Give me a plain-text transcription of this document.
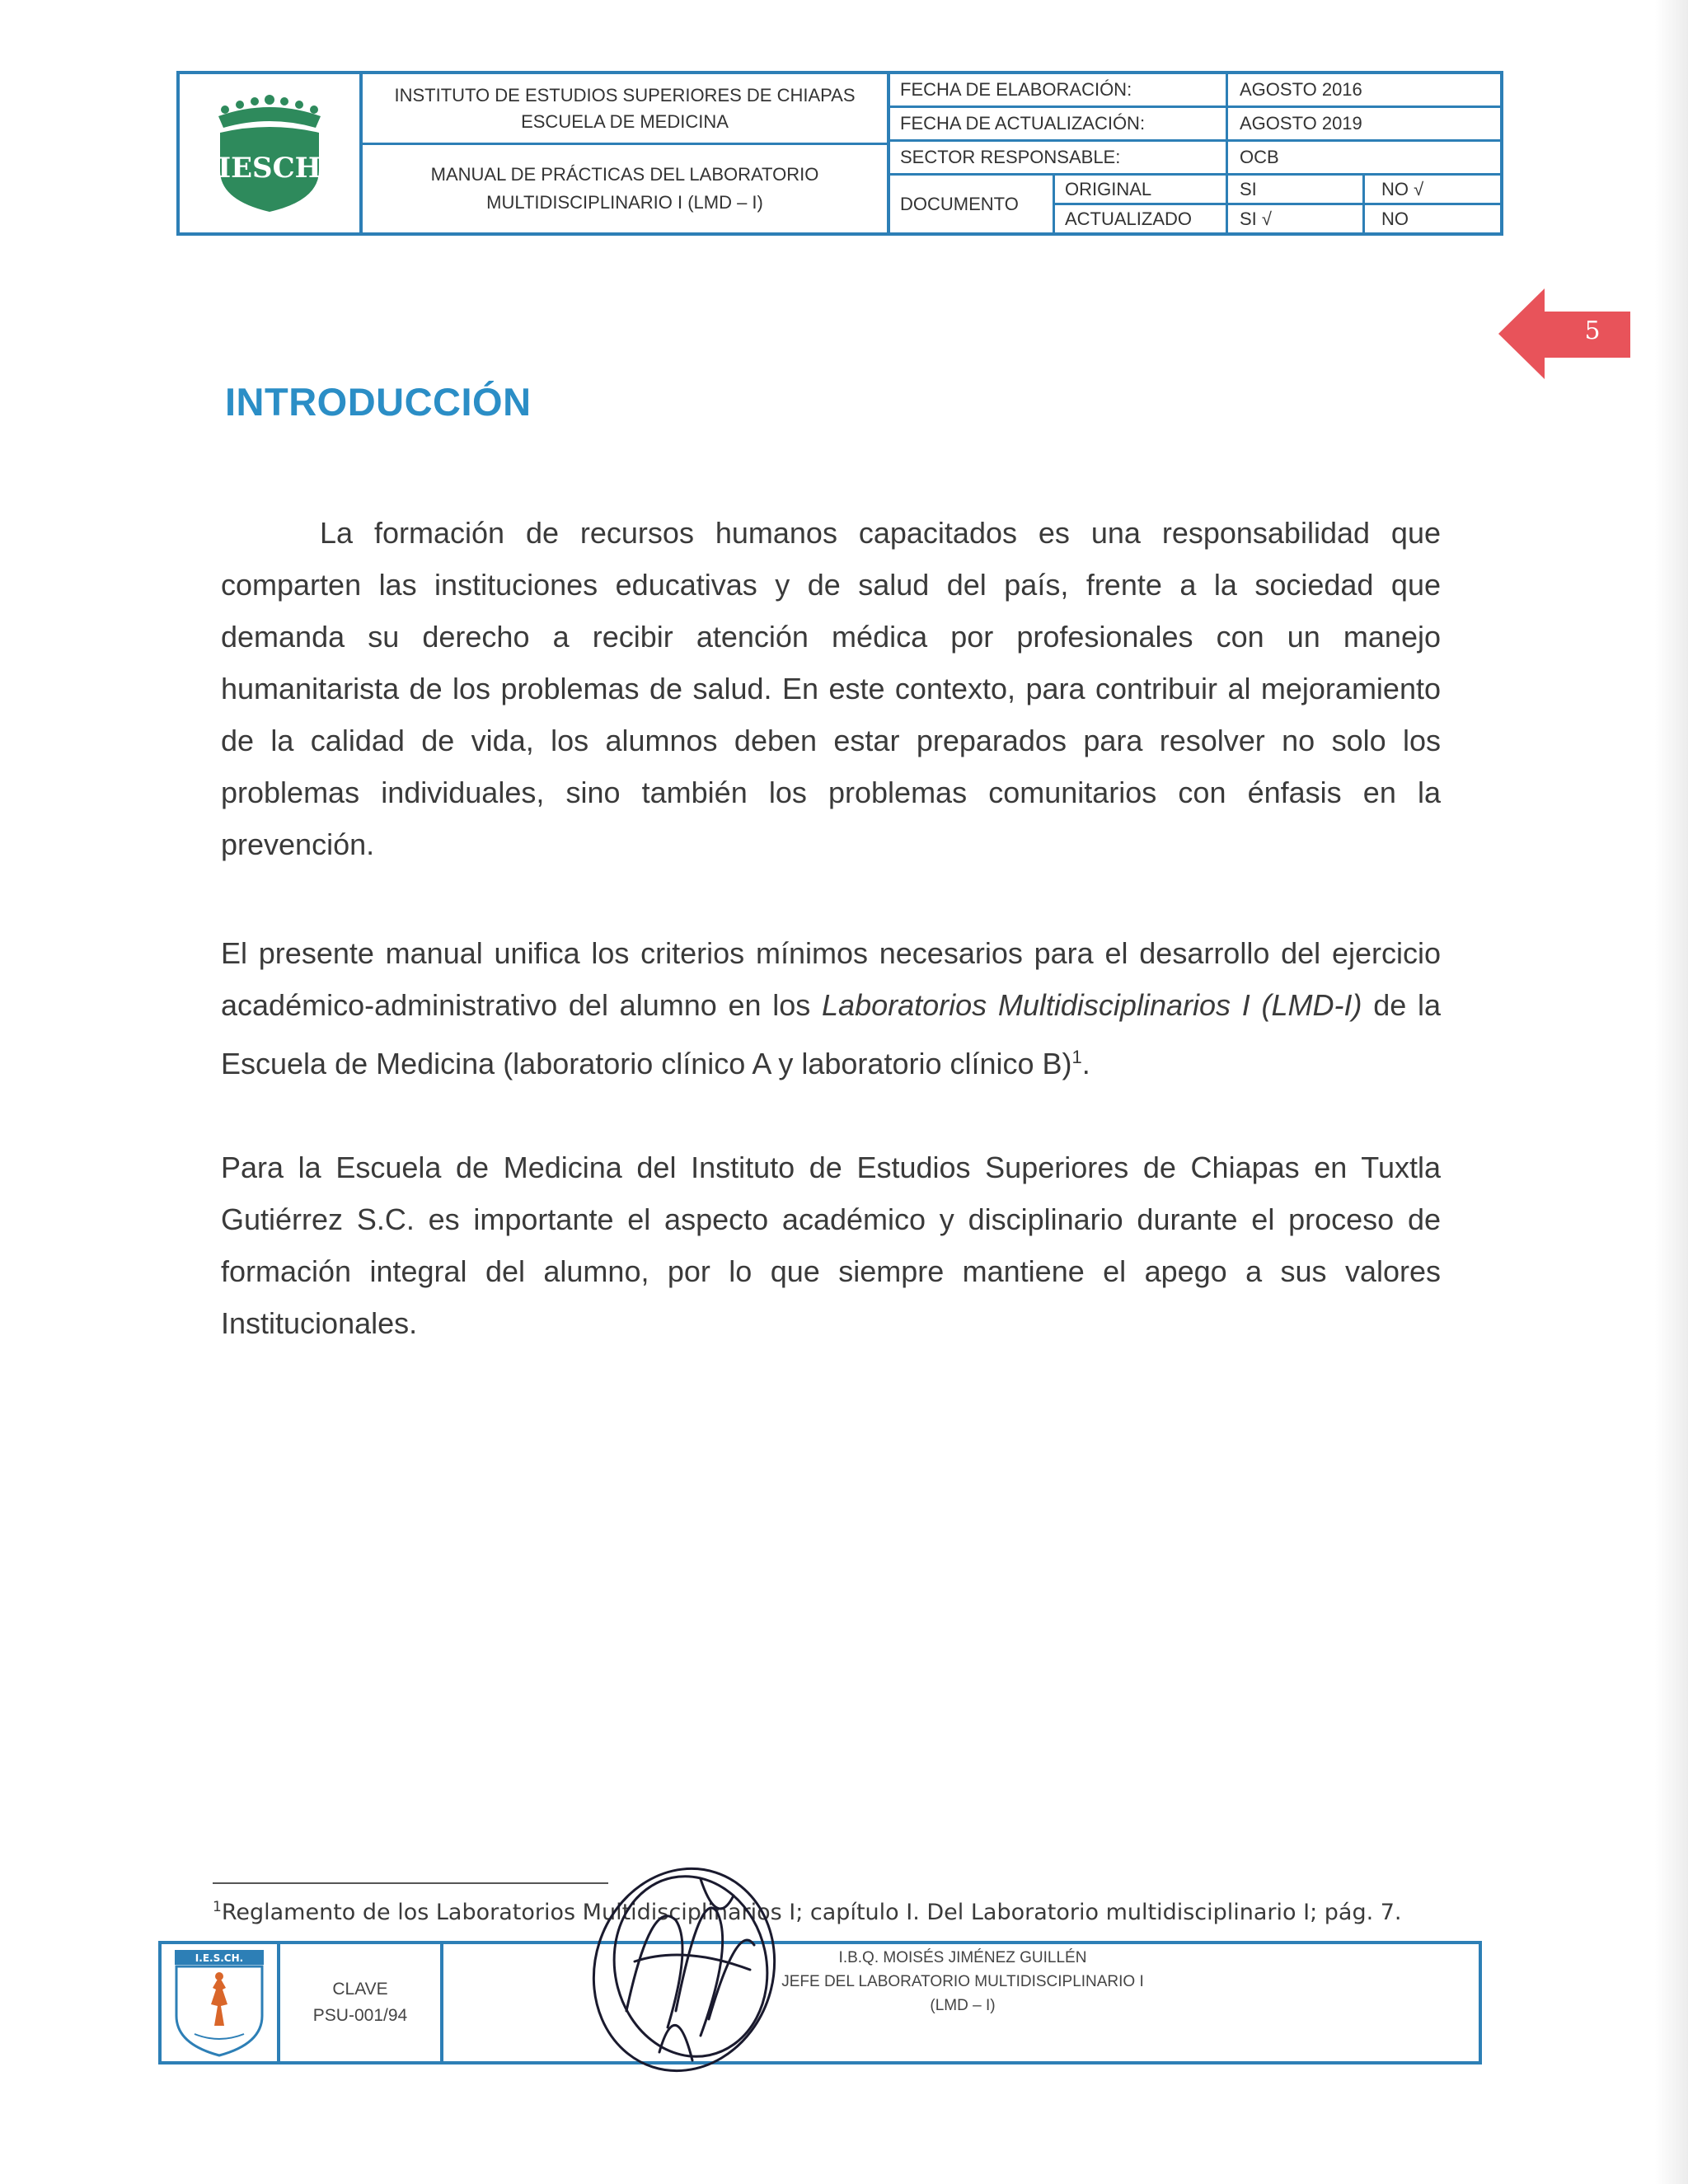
IESCH
INSTITUTO DE ESTUDIOS SUPERIORES DE CHIAPAS
ESCUELA DE MEDICINA
MANUAL DE PRÁCTICAS DEL LABORATORIO
MULTIDISCIPLINARIO I (LMD – I)
FECHA DE ELABORACIÓN:	AGOSTO 2016
FECHA DE ACTUALIZACIÓN:	AGOSTO 2019
SECTOR RESPONSABLE:	OCB
DOCUMENTO
ORIGINAL	SI	NO √
ACTUALIZADO	SI √	NO
5
INTRODUCCIÓN

La formación de recursos humanos capacitados es una responsabilidad que comparten las instituciones educativas y de salud del país, frente a la sociedad que demanda su derecho a recibir atención médica por profesionales con un manejo humanitarista de los problemas de salud. En este contexto, para contribuir al mejoramiento de la calidad de vida, los alumnos deben estar preparados para resolver no solo los problemas individuales, sino también los problemas comunitarios con énfasis en la prevención.

El presente manual unifica los criterios mínimos necesarios para el desarrollo del ejercicio académico-administrativo del alumno en los Laboratorios Multidisciplinarios I (LMD-I) de la Escuela de Medicina (laboratorio clínico A y laboratorio clínico B)$^1$.

Para la Escuela de Medicina del Instituto de Estudios Superiores de Chiapas en Tuxtla Gutiérrez S.C. es importante el aspecto académico y disciplinario durante el proceso de formación integral del alumno, por lo que siempre mantiene el apego a sus valores Institucionales.

$^1$Reglamento de los Laboratorios Multidisciplinarios I; capítulo I. Del Laboratorio multidisciplinario I; pág. 7.
I.E.S.CH.
CLAVE
PSU-001/94
I.B.Q. MOISÉS JIMÉNEZ GUILLÉN
JEFE DEL LABORATORIO MULTIDISCIPLINARIO I
(LMD – I)
